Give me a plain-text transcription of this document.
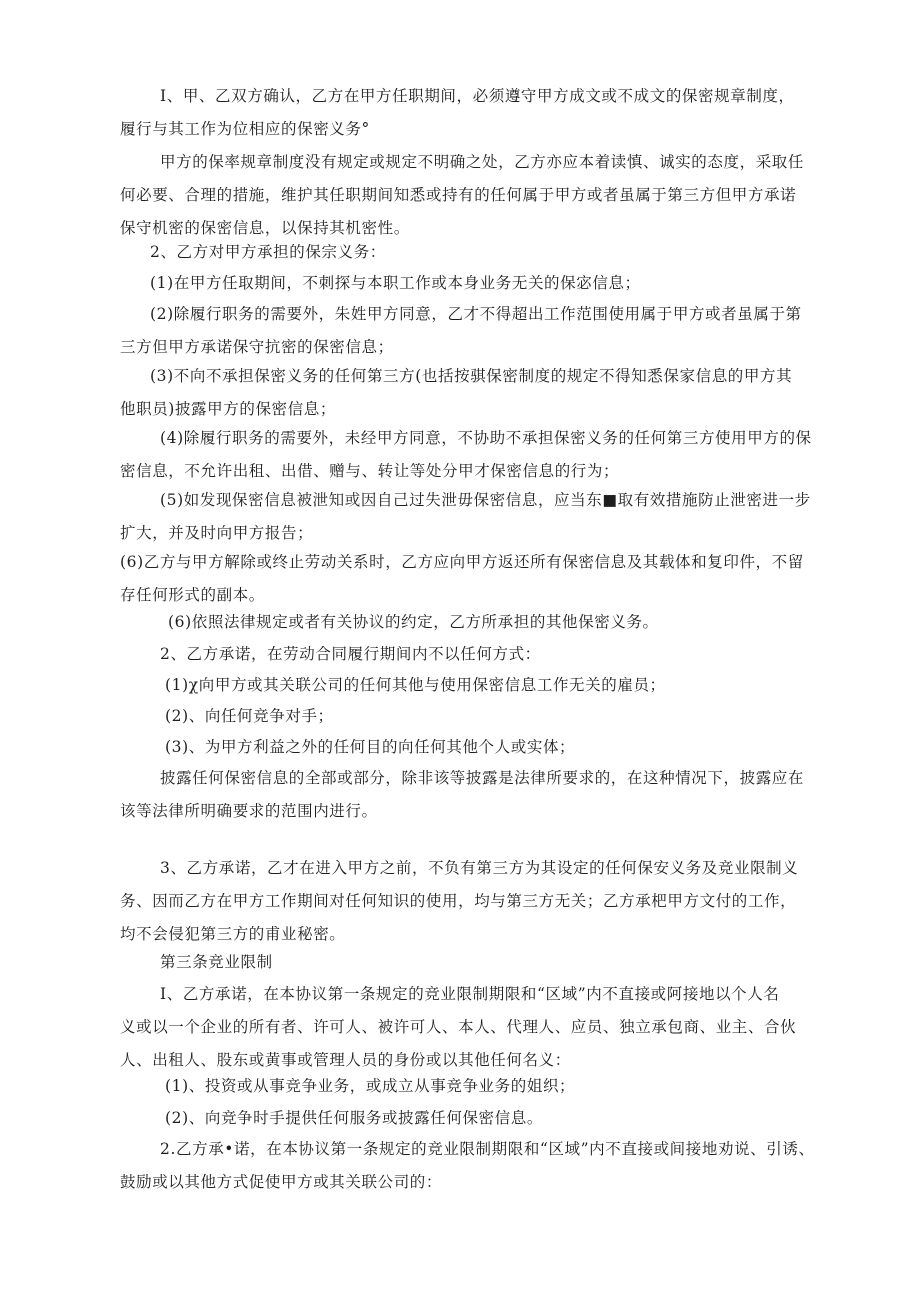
I、甲、乙双方确认，乙方在甲方任职期间，必须遵守甲方成文或不成文的保密规章制度，
履行与其工作为位相应的保密义务°
甲方的保率规章制度没有规定或规定不明确之处，乙方亦应本着读慎、诚实的态度，采取任
何必要、合理的措施，维护其任职期间知悉或持有的任何属于甲方或者虽属于第三方但甲方承诺
保守机密的保密信息，以保持其机密性。
2、乙方对甲方承担的保宗义务：
(1)在甲方任取期间，不刺探与本职工作或本身业务无关的保宓信息；
(2)除履行职务的需要外，朱姓甲方同意，乙才不得超出工作范围使用属于甲方或者虽属于第
三方但甲方承诺保守抗密的保密信息；
(3)不向不承担保密义务的任何第三方(也括按骐保密制度的规定不得知悉保家信息的甲方其
他职员)披露甲方的保密信息；
(4)除履行职务的需要外，未经甲方同意，不协助不承担保密义务的任何第三方使用甲方的保
密信息，不允许出租、出借、赠与、转让等处分甲才保密信息的行为；
(5)如发现保密信息被泄知或因自己过失泄毋保密信息，应当东■取有效措施防止泄密进一步
扩大，并及时向甲方报告；
(6)乙方与甲方解除或终止劳动关系时，乙方应向甲方返还所有保密信息及其载体和复印件，不留
存任何形式的副本。
(6)依照法律规定或者有关协议的约定，乙方所承担的其他保密义务。
2、乙方承诺，在劳动合同履行期间内不以任何方式：
(1)χ向甲方或其关联公司的任何其他与使用保密信息工作无关的雇员；
(2)、向任何竞争对手；
(3)、为甲方利益之外的任何目的向任何其他个人或实体；
披露任何保密信息的全部或部分，除非该等披露是法律所要求的，在这种情况下，披露应在
该等法律所明确要求的范围内进行。
3、乙方承诺，乙才在进入甲方之前，不负有第三方为其设定的任何保安义务及竞业限制义
务、因而乙方在甲方工作期间对任何知识的使用，均与第三方无关；乙方承杷甲方文付的工作，
均不会侵犯第三方的甫业秘密。
第三条竞业限制
I、乙方承诺，在本协议第一条规定的竞业限制期限和“区域”内不直接或阿接地以个人名
义或以一个企业的所有者、许可人、被许可人、本人、代理人、应员、独立承包商、业主、合伙
人、出租人、股东或黄事或管理人员的身份或以其他任何名义：
(1)、投资或从事竞争业务，或成立从事竞争业务的姐织；
(2)、向竞争时手提供任何服务或披露任何保密信息。
2.乙方承•诺，在本协议第一条规定的竞业限制期限和“区域”内不直接或间接地劝说、引诱、
鼓励或以其他方式促使甲方或其关联公司的：
